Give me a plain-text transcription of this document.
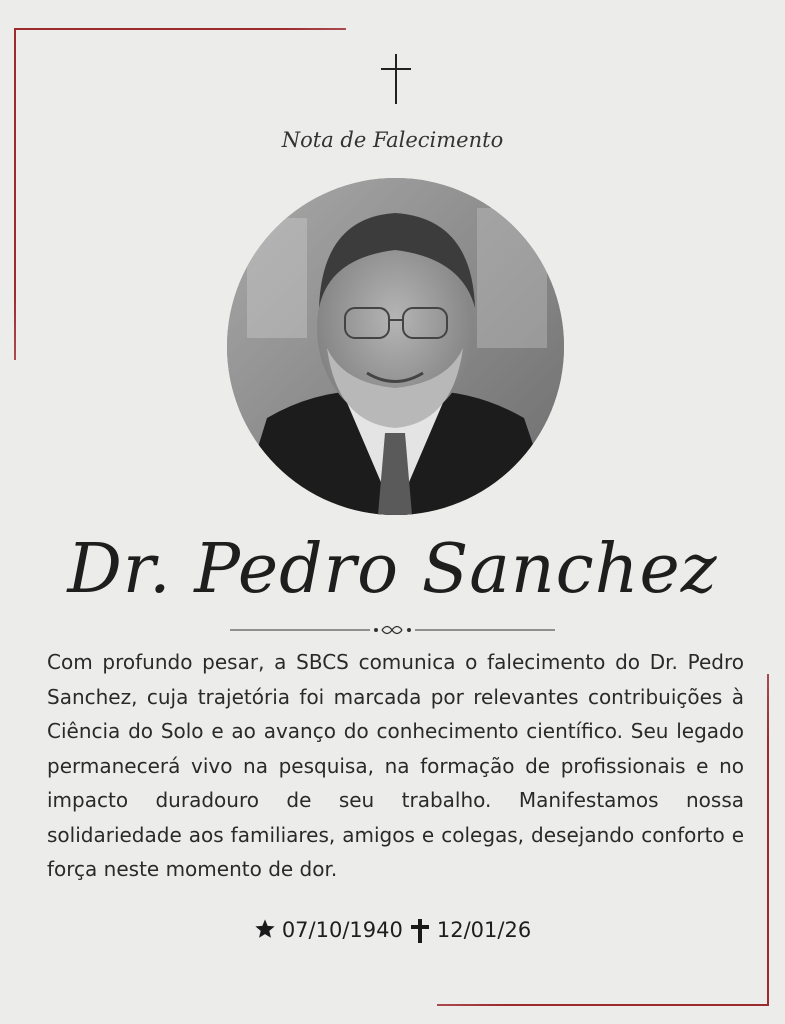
Nota de Falecimento
Dr. Pedro Sanchez

Com profundo pesar, a SBCS comunica o falecimento do Dr. Pedro Sanchez, cuja trajetória foi marcada por relevantes contribuições à Ciência do Solo e ao avanço do conhecimento científico. Seu legado permanecerá vivo na pesquisa, na formação de profissionais e no impacto duradouro de seu trabalho. Manifestamos nossa solidariedade aos familiares, amigos e colegas, desejando conforto e força neste momento de dor.

07/10/1940 12/01/26
